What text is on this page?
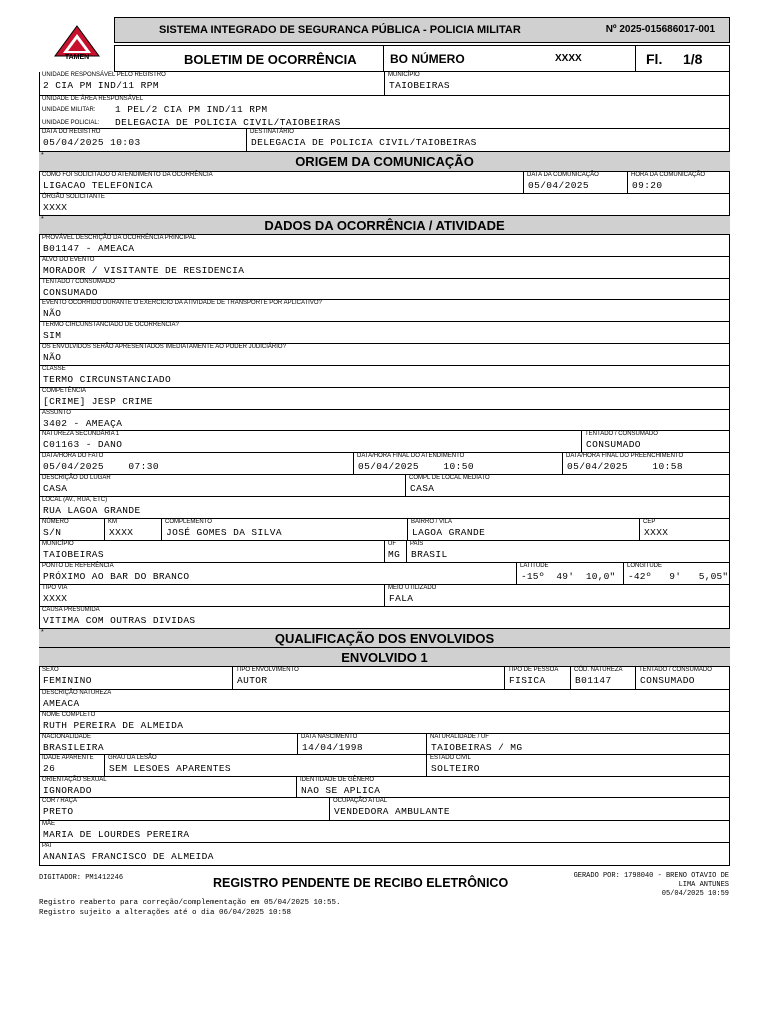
TAMEN
SISTEMA INTEGRADO DE SEGURANCA PÚBLICA - POLICIA MILITAR	Nº 2025-015686017-001
BOLETIM DE OCORRÊNCIA	BO NÚMERO	XXXX	Fl. 1/8
UNIDADE RESPONSÁVEL PELO REGISTRO
2 CIA PM IND/11 RPM
MUNICÍPIO
TAIOBEIRAS
UNIDADE DE ÁREA RESPONSÁVEL
UNIDADE MILITAR: 1 PEL/2 CIA PM IND/11 RPM
UNIDADE POLICIAL: DELEGACIA DE POLICIA CIVIL/TAIOBEIRAS
DATA DO REGISTRO
05/04/2025 10:03
DESTINATÁRIO
DELEGACIA DE POLICIA CIVIL/TAIOBEIRAS
*	ORIGEM DA COMUNICAÇÃO
COMO FOI SOLICITADO O ATENDIMENTO DA OCORRÊNCIA
LIGACAO TELEFONICA
DATA DA COMUNICAÇÃO
05/04/2025
HORA DA COMUNICAÇÃO
09:20
ÓRGÃO SOLICITANTE
XXXX
*	DADOS DA OCORRÊNCIA / ATIVIDADE
PROVÁVEL DESCRIÇÃO DA OCORRÊNCIA PRINCIPAL
B01147 - AMEACA
ALVO DO EVENTO
MORADOR / VISITANTE DE RESIDENCIA
TENTADO / CONSUMADO
CONSUMADO
EVENTO OCORRIDO DURANTE O EXERCICIO DA ATIVIDADE DE TRANSPORTE POR APLICATIVO?
NÃO
TERMO CIRCUNSTANCIADO DE OCORRENCIA?
SIM
OS ENVOLVIDOS SERÃO APRESENTADOS IMEDIATAMENTE AO PODER JUDICIÁRIO?
NÃO
CLASSE
TERMO CIRCUNSTANCIADO
COMPETÊNCIA
[CRIME] JESP CRIME
ASSUNTO
3402 - AMEAÇA
NATUREZA SECUNDÁRIA 1
C01163 - DANO
TENTADO / CONSUMADO
CONSUMADO
DATA/HORA DO FATO
05/04/2025    07:30
DATA/HORA FINAL DO ATENDIMENTO
05/04/2025    10:50
DATA/HORA FINAL DO PREENCHIMENTO
05/04/2025    10:58
DESCRIÇÃO DO LUGAR
CASA
COMPL DE LOCAL MEDIATO
CASA
LOCAL (AV., RUA, ETC)
RUA LAGOA GRANDE
NÚMERO
S/N
KM
XXXX
COMPLEMENTO
JOSÉ GOMES DA SILVA
BAIRRO / VILA
LAGOA GRANDE
CEP
XXXX
MUNICÍPIO
TAIOBEIRAS
UF
MG
PAÍS
BRASIL
PONTO DE REFERÊNCIA
PRÓXIMO AO BAR DO BRANCO
LATITUDE
-15º  49'  10,0"
LONGITUDE
-42º   9'   5,05"
TIPO VIA
XXXX
MEIO UTILIZADO
FALA
CAUSA PRESUMIDA
VITIMA COM OUTRAS DIVIDAS
*	QUALIFICAÇÃO DOS ENVOLVIDOS
ENVOLVIDO 1
SEXO
FEMININO
TIPO ENVOLVIMENTO
AUTOR
TIPO DE PESSOA
FISICA
CÓD. NATUREZA
B01147
TENTADO / CONSUMADO
CONSUMADO
DESCRIÇÃO NATUREZA
AMEACA
NOME COMPLETO
RUTH PEREIRA DE ALMEIDA
NACIONALIDADE
BRASILEIRA
DATA NASCIMENTO
14/04/1998
NATURALIDADE / UF
TAIOBEIRAS / MG
IDADE APARENTE
26
GRAU DA LESÃO
SEM LESOES APARENTES
ESTADO CIVIL
SOLTEIRO
ORIENTAÇÃO SEXUAL
IGNORADO
IDENTIDADE DE GÊNERO
NAO SE APLICA
COR / RAÇA
PRETO
OCUPAÇÃO ATUAL
VENDEDORA AMBULANTE
MÃE
MARIA DE LOURDES PEREIRA
PAI
ANANIAS FRANCISCO DE ALMEIDA
DIGITADOR: PM1412246	REGISTRO PENDENTE DE RECIBO ELETRÔNICO	GERADO POR: 1798040 - BRENO OTAVIO DE
LIMA ANTUNES
05/04/2025 10:59
Registro reaberto para correção/complementação em 05/04/2025 10:55.
Registro sujeito a alterações até o dia 06/04/2025 10:58
